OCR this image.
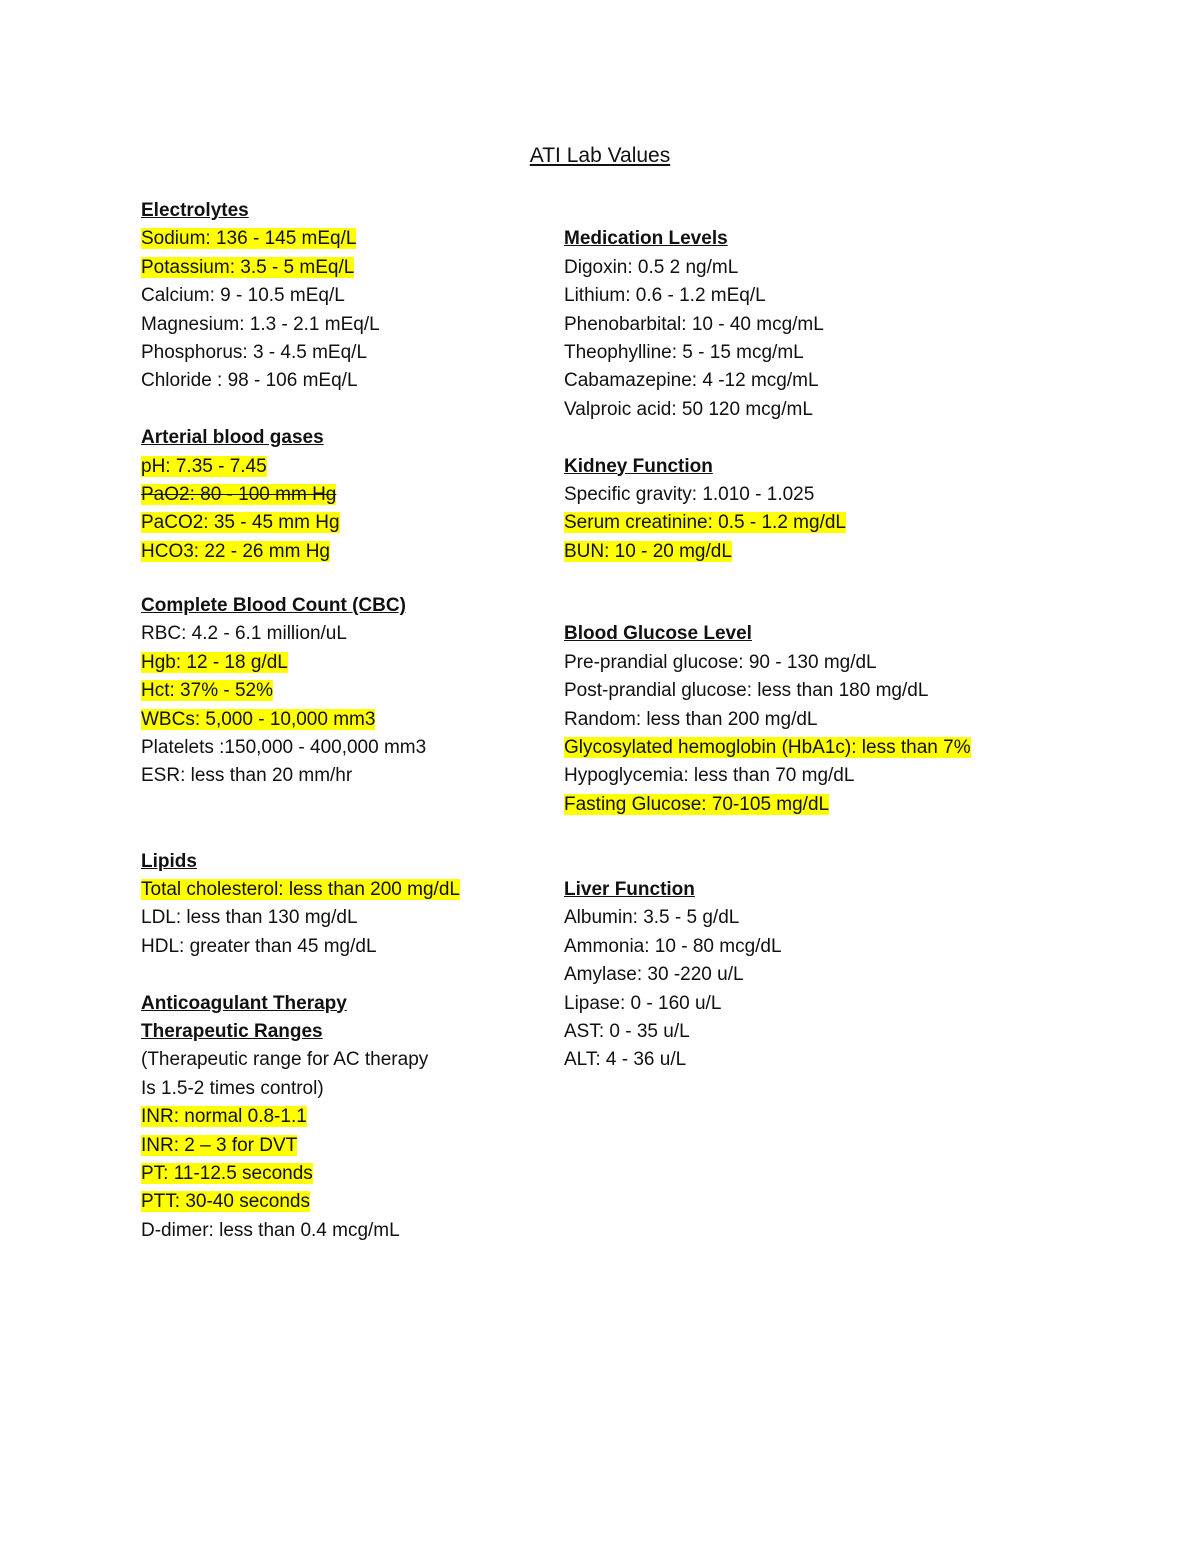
ATI Lab Values
Electrolytes
Sodium: 136 - 145 mEq/L
Potassium: 3.5 - 5 mEq/L
Calcium: 9 - 10.5 mEq/L
Magnesium: 1.3 - 2.1 mEq/L
Phosphorus: 3 - 4.5 mEq/L
Chloride : 98 - 106 mEq/L
Arterial blood gases
pH: 7.35 - 7.45
PaO2: 80 - 100 mm Hg
PaCO2: 35 - 45 mm Hg
HCO3: 22 - 26 mm Hg
Complete Blood Count (CBC)
RBC: 4.2 - 6.1 million/uL
Hgb: 12 - 18 g/dL
Hct: 37% - 52%
WBCs: 5,000 - 10,000 mm3
Platelets :150,000 - 400,000 mm3
ESR: less than 20 mm/hr
Lipids
Total cholesterol: less than 200 mg/dL
LDL: less than 130 mg/dL
HDL: greater than 45 mg/dL
Anticoagulant Therapy
Therapeutic Ranges
(Therapeutic range for AC therapy
Is 1.5-2 times control)
INR: normal 0.8-1.1
INR: 2 – 3 for DVT
PT: 11-12.5 seconds
PTT: 30-40 seconds
D-dimer: less than 0.4 mcg/mL
Medication Levels
Digoxin: 0.5 2 ng/mL
Lithium: 0.6 - 1.2 mEq/L
Phenobarbital: 10 - 40 mcg/mL
Theophylline: 5 - 15 mcg/mL
Cabamazepine: 4 -12 mcg/mL
Valproic acid: 50 120 mcg/mL
Kidney Function
Specific gravity: 1.010 - 1.025
Serum creatinine: 0.5 - 1.2 mg/dL
BUN: 10 - 20 mg/dL
Blood Glucose Level
Pre-prandial glucose: 90 - 130 mg/dL
Post-prandial glucose: less than 180 mg/dL
Random: less than 200 mg/dL
Glycosylated hemoglobin (HbA1c): less than 7%
Hypoglycemia: less than 70 mg/dL
Fasting Glucose: 70-105 mg/dL
Liver Function
Albumin: 3.5 - 5 g/dL
Ammonia: 10 - 80 mcg/dL
Amylase: 30 -220 u/L
Lipase: 0 - 160 u/L
AST: 0 - 35 u/L
ALT: 4 - 36 u/L
